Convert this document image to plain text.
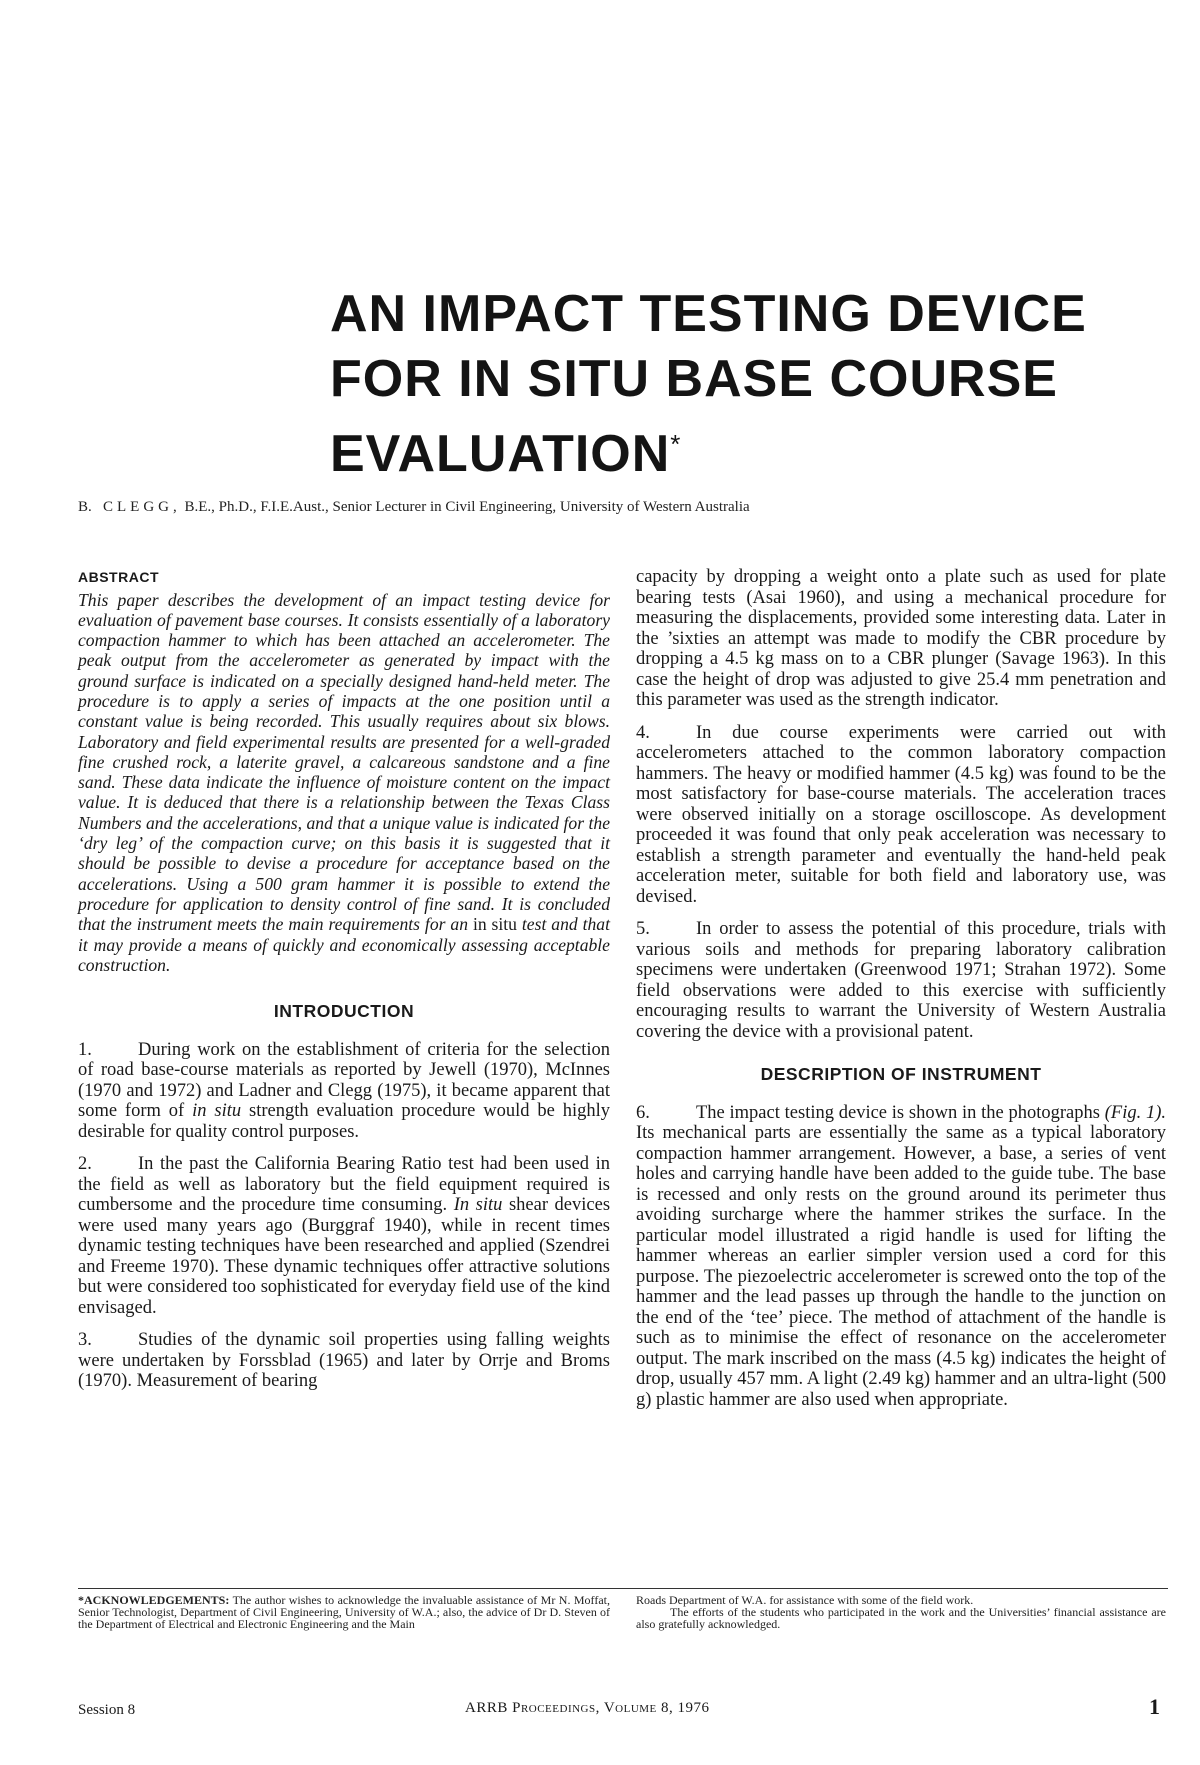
AN IMPACT TESTING DEVICE
FOR IN SITU BASE COURSE
EVALUATION*
B. CLEGG, B.E., Ph.D., F.I.E.Aust., Senior Lecturer in Civil Engineering, University of Western Australia
ABSTRACT

This paper describes the development of an impact testing device for evaluation of pavement base courses. It consists essentially of a laboratory compaction hammer to which has been attached an accelerometer. The peak output from the accelerometer as generated by impact with the ground surface is indicated on a specially designed hand-held meter. The procedure is to apply a series of impacts at the one position until a constant value is being recorded. This usually requires about six blows. Laboratory and field experimental results are presented for a well-graded fine crushed rock, a laterite gravel, a calcareous sandstone and a fine sand. These data indicate the influence of moisture content on the impact value. It is deduced that there is a relationship between the Texas Class Numbers and the accelerations, and that a unique value is indicated for the ‘dry leg’ of the compaction curve; on this basis it is suggested that it should be possible to devise a procedure for acceptance based on the accelerations. Using a 500 gram hammer it is possible to extend the procedure for application to density control of fine sand. It is concluded that the instrument meets the main requirements for an in situ test and that it may provide a means of quickly and economically assessing acceptable construction.

INTRODUCTION

1. During work on the establishment of criteria for the selection of road base-course materials as reported by Jewell (1970), McInnes (1970 and 1972) and Ladner and Clegg (1975), it became apparent that some form of in situ strength evaluation procedure would be highly desirable for quality control purposes.

2. In the past the California Bearing Ratio test had been used in the field as well as laboratory but the field equipment required is cumbersome and the procedure time consuming. In situ shear devices were used many years ago (Burggraf 1940), while in recent times dynamic testing techniques have been researched and applied (Szendrei and Freeme 1970). These dynamic techniques offer attractive solutions but were considered too sophisticated for everyday field use of the kind envisaged.

3. Studies of the dynamic soil properties using falling weights were undertaken by Forssblad (1965) and later by Orrje and Broms (1970). Measurement of bearing

capacity by dropping a weight onto a plate such as used for plate bearing tests (Asai 1960), and using a mechanical procedure for measuring the displacements, provided some interesting data. Later in the ’sixties an attempt was made to modify the CBR procedure by dropping a 4.5 kg mass on to a CBR plunger (Savage 1963). In this case the height of drop was adjusted to give 25.4 mm penetration and this parameter was used as the strength indicator.

4. In due course experiments were carried out with accelerometers attached to the common laboratory compaction hammers. The heavy or modified hammer (4.5 kg) was found to be the most satisfactory for base-course materials. The acceleration traces were observed initially on a storage oscilloscope. As development proceeded it was found that only peak acceleration was necessary to establish a strength parameter and eventually the hand-held peak acceleration meter, suitable for both field and laboratory use, was devised.

5. In order to assess the potential of this procedure, trials with various soils and methods for preparing laboratory calibration specimens were undertaken (Greenwood 1971; Strahan 1972). Some field observations were added to this exercise with sufficiently encouraging results to warrant the University of Western Australia covering the device with a provisional patent.

DESCRIPTION OF INSTRUMENT

6. The impact testing device is shown in the photographs (Fig. 1). Its mechanical parts are essentially the same as a typical laboratory compaction hammer arrangement. However, a base, a series of vent holes and carrying handle have been added to the guide tube. The base is recessed and only rests on the ground around its perimeter thus avoiding surcharge where the hammer strikes the surface. In the particular model illustrated a rigid handle is used for lifting the hammer whereas an earlier simpler version used a cord for this purpose. The piezoelectric accelerometer is screwed onto the top of the hammer and the lead passes up through the handle to the junction on the end of the ‘tee’ piece. The method of attachment of the handle is such as to minimise the effect of resonance on the accelerometer output. The mark inscribed on the mass (4.5 kg) indicates the height of drop, usually 457 mm. A light (2.49 kg) hammer and an ultra-light (500 g) plastic hammer are also used when appropriate.

*ACKNOWLEDGEMENTS: The author wishes to acknowledge the invaluable assistance of Mr N. Moffat, Senior Technologist, Department of Civil Engineering, University of W.A.; also, the advice of Dr D. Steven of the Department of Electrical and Electronic Engineering and the Main
Roads Department of W.A. for assistance with some of the field work.
The efforts of the students who participated in the work and the Universities’ financial assistance are also gratefully acknowledged.
Session 8	ARRB Proceedings, Volume 8, 1976	1
